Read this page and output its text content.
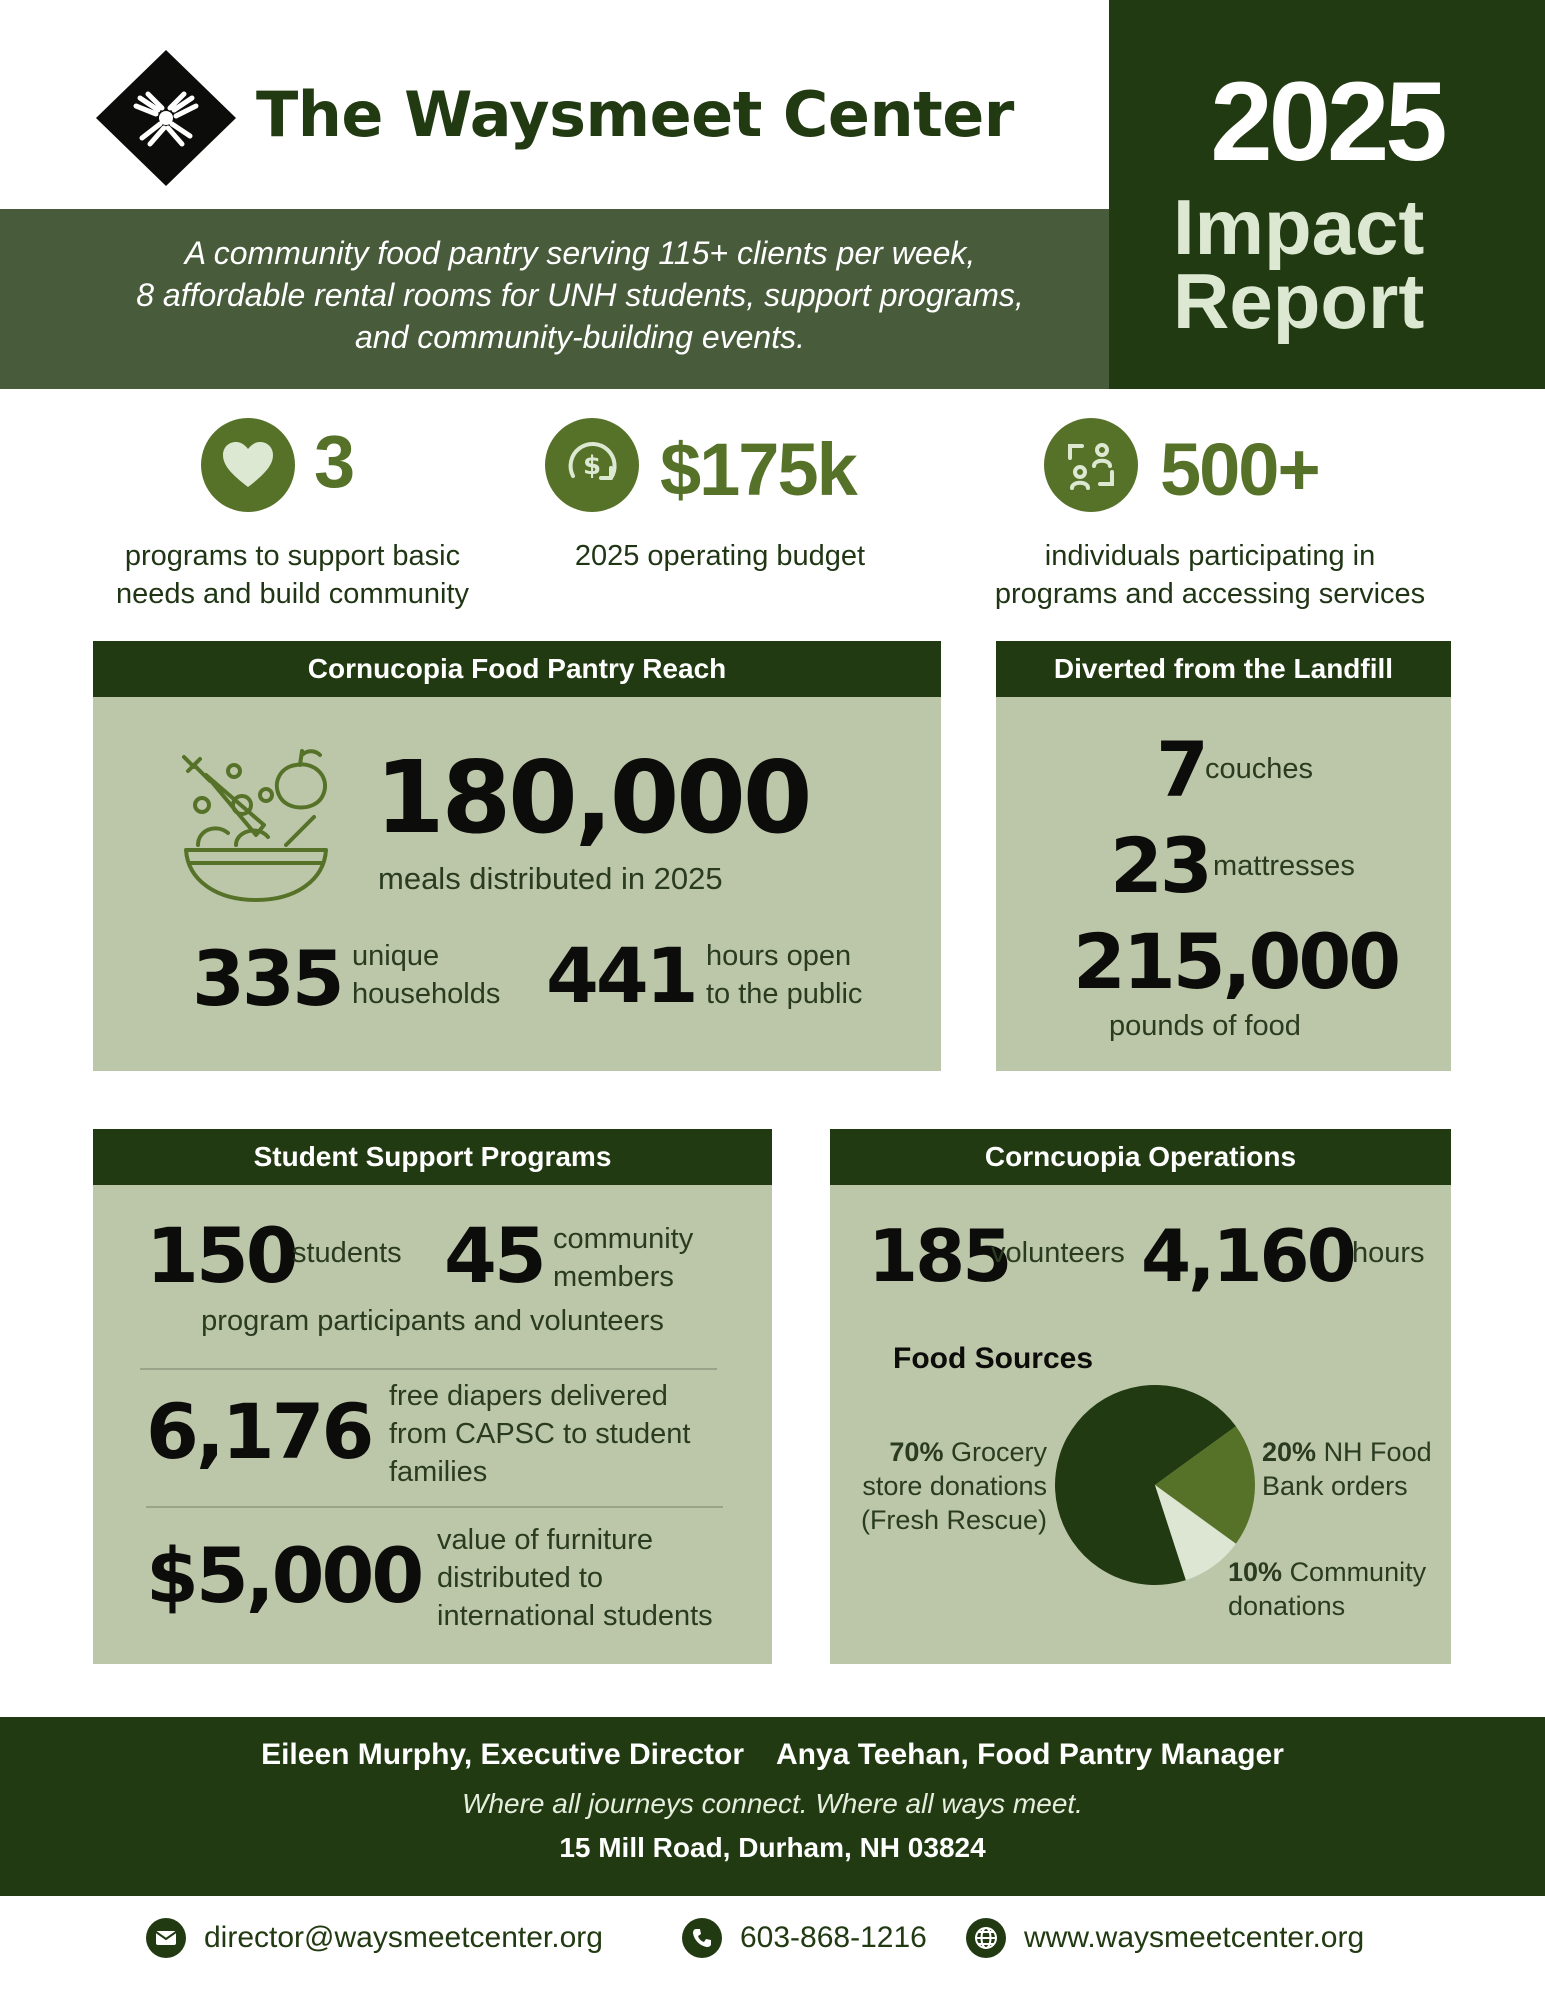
The Waysmeet Center
A community food pantry serving 115+ clients per week,
8 affordable rental rooms for UNH students, support programs,
and community-building events.
2025
Impact
Report
3
programs to support basic
needs and build community
$ $175k
2025 operating budget
500+
individuals participating in
programs and accessing services
Cornucopia Food Pantry Reach
180,000
meals distributed in 2025
335 unique
households 441 hours open
to the public
Diverted from the Landfill
7 couches
23 mattresses
215,000
pounds of food
Student Support Programs
150
students 45 community
members
program participants and volunteers
6,176 free diapers delivered
from CAPSC to student
families
$5,000 value of furniture
distributed to
international students
Corncuopia Operations
185
volunteers 4,160
hours
Food Sources
70% Grocery
store donations
(Fresh Rescue)
20% NH Food
Bank orders
10% Community
donations
Eileen Murphy, Executive Director Anya Teehan, Food Pantry Manager
Where all journeys connect. Where all ways meet.
15 Mill Road, Durham, NH 03824
director@waysmeetcenter.org	603-868-1216	www.waysmeetcenter.org
